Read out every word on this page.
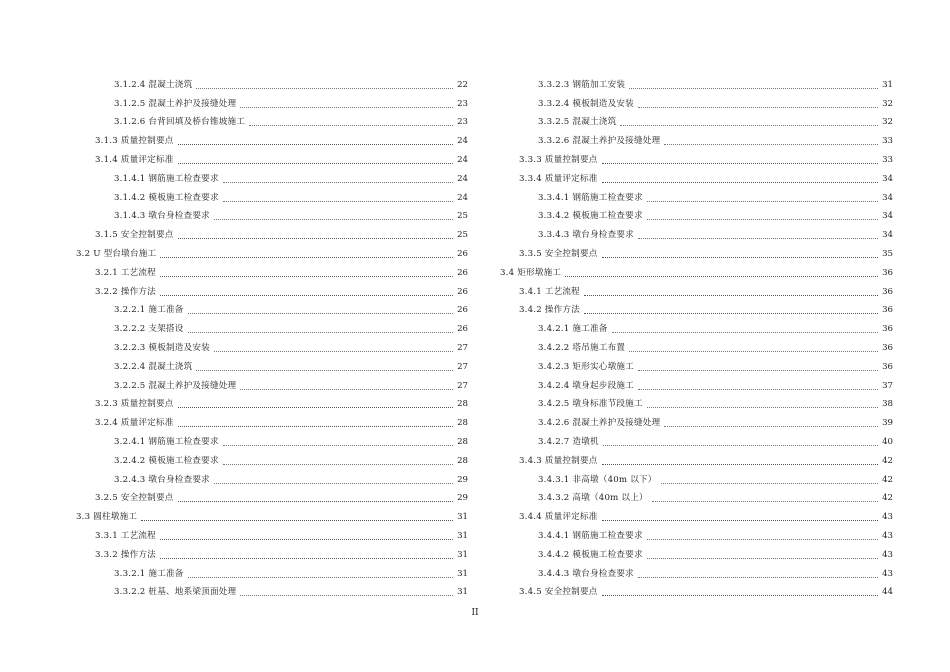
3.1.2.4 混凝土浇筑	22
3.1.2.5 混凝土养护及接缝处理	23
3.1.2.6 台背回填及桥台锥坡施工	23
3.1.3 质量控制要点	24
3.1.4 质量评定标准	24
3.1.4.1 钢筋施工检查要求	24
3.1.4.2 模板施工检查要求	24
3.1.4.3 墩台身检查要求	25
3.1.5 安全控制要点	25
3.2 U 型台墩台施工	26
3.2.1 工艺流程	26
3.2.2 操作方法	26
3.2.2.1 施工准备	26
3.2.2.2 支架搭设	26
3.2.2.3 模板制造及安装	27
3.2.2.4 混凝土浇筑	27
3.2.2.5 混凝土养护及接缝处理	27
3.2.3 质量控制要点	28
3.2.4 质量评定标准	28
3.2.4.1 钢筋施工检查要求	28
3.2.4.2 模板施工检查要求	28
3.2.4.3 墩台身检查要求	29
3.2.5 安全控制要点	29
3.3 圆柱墩施工	31
3.3.1 工艺流程	31
3.3.2 操作方法	31
3.3.2.1 施工准备	31
3.3.2.2 桩基、地系梁顶面处理	31
3.3.2.3 钢筋加工安装	31
3.3.2.4 模板制造及安装	32
3.3.2.5 混凝土浇筑	32
3.3.2.6 混凝土养护及接缝处理	33
3.3.3 质量控制要点	33
3.3.4 质量评定标准	34
3.3.4.1 钢筋施工检查要求	34
3.3.4.2 模板施工检查要求	34
3.3.4.3 墩台身检查要求	34
3.3.5 安全控制要点	35
3.4 矩形墩施工	36
3.4.1 工艺流程	36
3.4.2 操作方法	36
3.4.2.1 施工准备	36
3.4.2.2 塔吊施工布置	36
3.4.2.3 矩形实心墩施工	36
3.4.2.4 墩身起步段施工	37
3.4.2.5 墩身标准节段施工	38
3.4.2.6 混凝土养护及接缝处理	39
3.4.2.7 造墩机	40
3.4.3 质量控制要点	42
3.4.3.1 非高墩（40m 以下）	42
3.4.3.2 高墩（40m 以上）	42
3.4.4 质量评定标准	43
3.4.4.1 钢筋施工检查要求	43
3.4.4.2 模板施工检查要求	43
3.4.4.3 墩台身检查要求	43
3.4.5 安全控制要点	44
II
